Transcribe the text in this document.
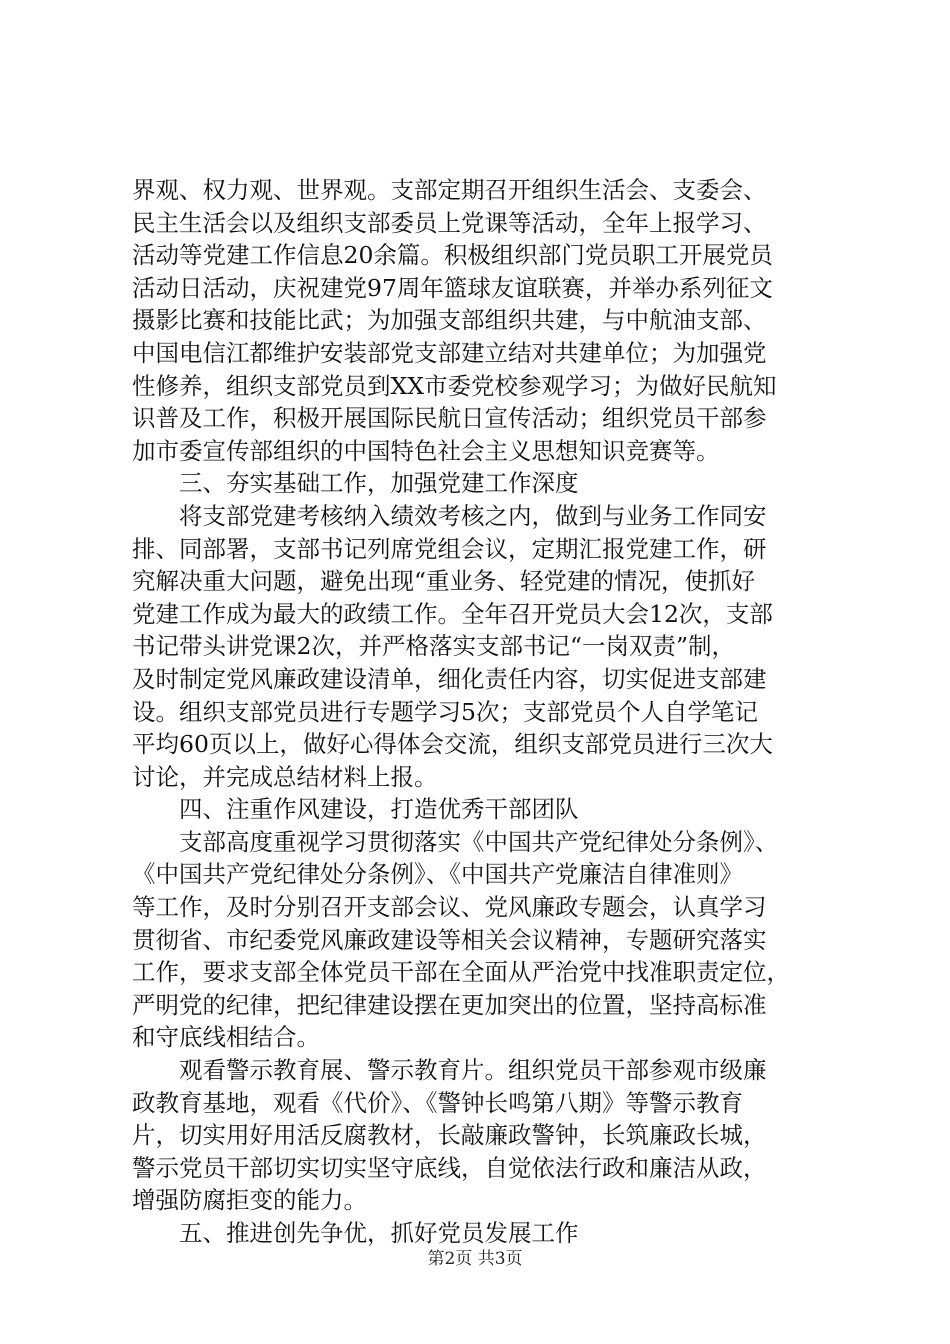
界观、权力观、世界观。支部定期召开组织生活会、支委会、
民主生活会以及组织支部委员上党课等活动，全年上报学习、
活动等党建工作信息20余篇。积极组织部门党员职工开展党员
活动日活动，庆祝建党97周年篮球友谊联赛，并举办系列征文
摄影比赛和技能比武；为加强支部组织共建，与中航油支部、
中国电信江都维护安装部党支部建立结对共建单位；为加强党
性修养，组织支部党员到XX市委党校参观学习；为做好民航知
识普及工作，积极开展国际民航日宣传活动；组织党员干部参
加市委宣传部组织的中国特色社会主义思想知识竞赛等。
三、夯实基础工作，加强党建工作深度
将支部党建考核纳入绩效考核之内，做到与业务工作同安
排、同部署，支部书记列席党组会议，定期汇报党建工作，研
究解决重大问题，避免出现“重业务、轻党建的情况，使抓好
党建工作成为最大的政绩工作。全年召开党员大会12次，支部
书记带头讲党课2次，并严格落实支部书记“一岗双责”制，
及时制定党风廉政建设清单，细化责任内容，切实促进支部建
设。组织支部党员进行专题学习5次；支部党员个人自学笔记
平均60页以上，做好心得体会交流，组织支部党员进行三次大
讨论，并完成总结材料上报。
四、注重作风建设，打造优秀干部团队
支部高度重视学习贯彻落实《中国共产党纪律处分条例》、
《中国共产党纪律处分条例》、《中国共产党廉洁自律准则》
等工作，及时分别召开支部会议、党风廉政专题会，认真学习
贯彻省、市纪委党风廉政建设等相关会议精神，专题研究落实
工作，要求支部全体党员干部在全面从严治党中找准职责定位，
严明党的纪律，把纪律建设摆在更加突出的位置，坚持高标准
和守底线相结合。
观看警示教育展、警示教育片。组织党员干部参观市级廉
政教育基地，观看《代价》、《警钟长鸣第八期》等警示教育
片，切实用好用活反腐教材，长敲廉政警钟，长筑廉政长城，
警示党员干部切实切实坚守底线，自觉依法行政和廉洁从政，
增强防腐拒变的能力。
五、推进创先争优，抓好党员发展工作
第2页 共3页
